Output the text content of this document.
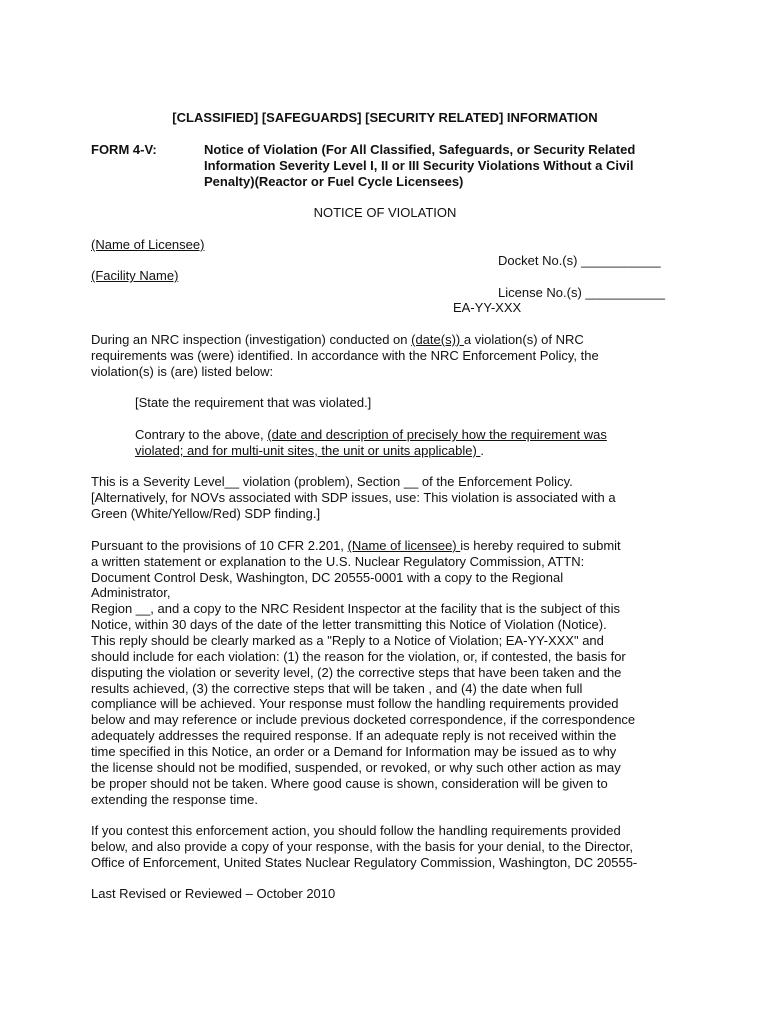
[CLASSIFIED] [SAFEGUARDS] [SECURITY RELATED] INFORMATION
FORM 4-V:	Notice of Violation (For All Classified, Safeguards, or Security Related
Information Severity Level I, II or III Security Violations Without a Civil
Penalty)(Reactor or Fuel Cycle Licensees)
NOTICE OF VIOLATION
(Name of Licensee)
Docket No.(s) ___________
(Facility Name)
License No.(s) ___________
EA-YY-XXX
During an NRC inspection (investigation) conducted on (date(s)) a violation(s) of NRC
requirements was (were) identified. In accordance with the NRC Enforcement Policy, the
violation(s) is (are) listed below:
[State the requirement that was violated.]
Contrary to the above, (date and description of precisely how the requirement was
violated; and for multi-unit sites, the unit or units applicable) .
This is a Severity Level__ violation (problem), Section __ of the Enforcement Policy.
[Alternatively, for NOVs associated with SDP issues, use: This violation is associated with a
Green (White/Yellow/Red) SDP finding.]
Pursuant to the provisions of 10 CFR 2.201, (Name of licensee) is hereby required to submit
a written statement or explanation to the U.S. Nuclear Regulatory Commission, ATTN:
Document Control Desk, Washington, DC 20555-0001 with a copy to the Regional
Administrator,
Region __, and a copy to the NRC Resident Inspector at the facility that is the subject of this
Notice, within 30 days of the date of the letter transmitting this Notice of Violation (Notice).
This reply should be clearly marked as a "Reply to a Notice of Violation; EA-YY-XXX" and
should include for each violation: (1) the reason for the violation, or, if contested, the basis for
disputing the violation or severity level, (2) the corrective steps that have been taken and the
results achieved, (3) the corrective steps that will be taken , and (4) the date when full
compliance will be achieved. Your response must follow the handling requirements provided
below and may reference or include previous docketed correspondence, if the correspondence
adequately addresses the required response. If an adequate reply is not received within the
time specified in this Notice, an order or a Demand for Information may be issued as to why
the license should not be modified, suspended, or revoked, or why such other action as may
be proper should not be taken. Where good cause is shown, consideration will be given to
extending the response time.
If you contest this enforcement action, you should follow the handling requirements provided
below, and also provide a copy of your response, with the basis for your denial, to the Director,
Office of Enforcement, United States Nuclear Regulatory Commission, Washington, DC 20555-
Last Revised or Reviewed – October 2010
